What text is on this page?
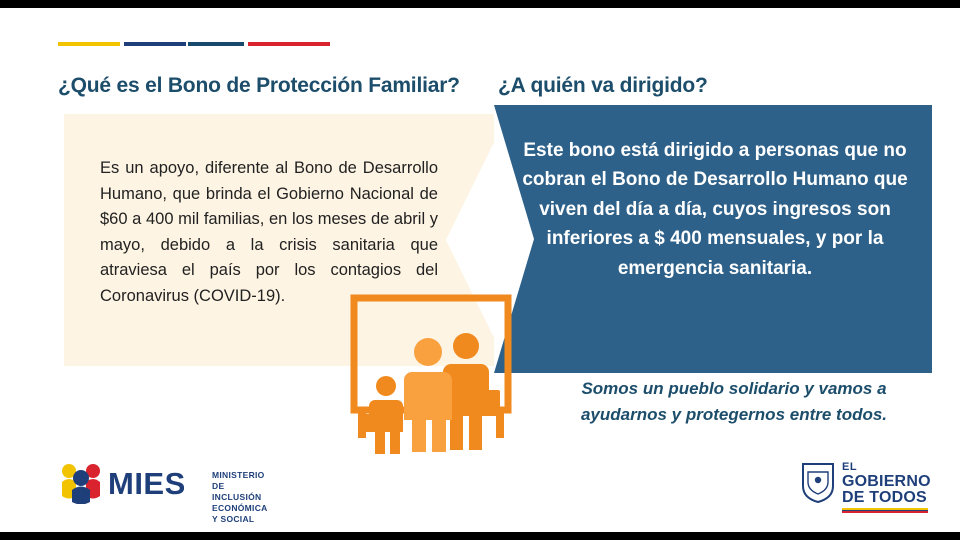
¿Qué es el Bono de Protección Familiar? ¿A quién va dirigido?
Es un apoyo, diferente al Bono de Desarrollo Humano, que brinda el Gobierno Nacional de $60 a 400 mil familias, en los meses de abril y mayo, debido a la crisis sanitaria que atraviesa el país por los contagios del Coronavirus (COVID-19).
Este bono está dirigido a personas que no cobran el Bono de Desarrollo Humano que viven del día a día, cuyos ingresos son inferiores a $ 400 mensuales, y por la emergencia sanitaria.
Somos un pueblo solidario y vamos a ayudarnos y protegernos entre todos.
MIES	MINISTERIO DE INCLUSIÓN ECONÓMICA Y SOCIAL
EL
GOBIERNO
DE TODOS
